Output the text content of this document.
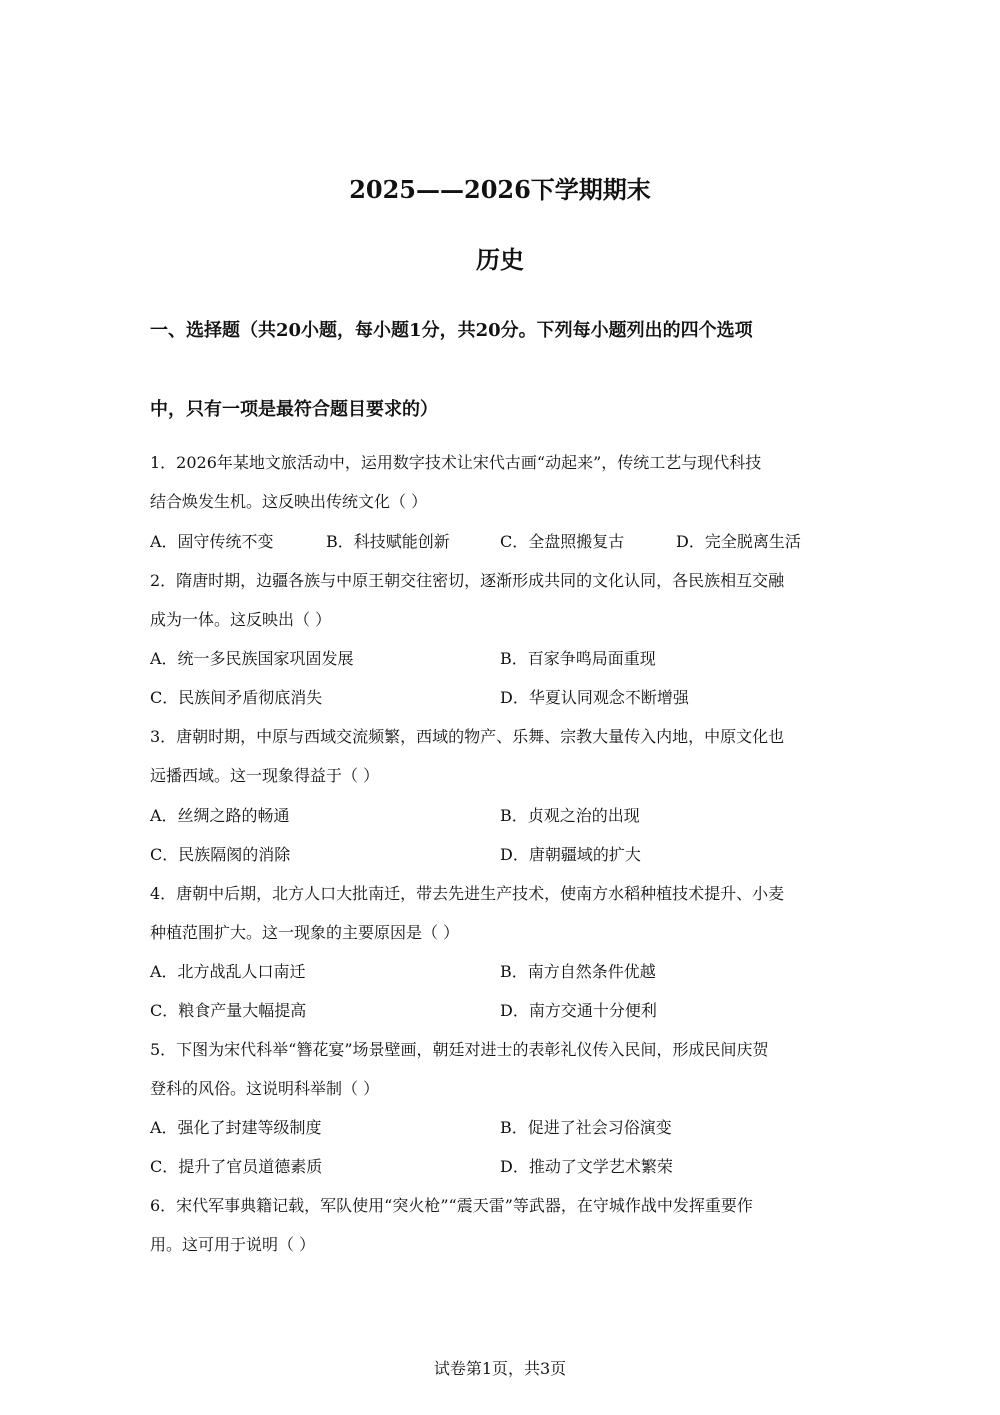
2025——2026下学期期末
历史
一、选择题（共20小题，每小题1分，共20分。下列每小题列出的四个选项
中，只有一项是最符合题目要求的）
1．2026年某地文旅活动中，运用数字技术让宋代古画“动起来”，传统工艺与现代科技
结合焕发生机。这反映出传统文化（ ）
A．固守传统不变	B．科技赋能创新	C．全盘照搬复古	D．完全脱离生活
2．隋唐时期，边疆各族与中原王朝交往密切，逐渐形成共同的文化认同，各民族相互交融
成为一体。这反映出（ ）
A．统一多民族国家巩固发展	B．百家争鸣局面重现
C．民族间矛盾彻底消失	D．华夏认同观念不断增强
3．唐朝时期，中原与西域交流频繁，西域的物产、乐舞、宗教大量传入内地，中原文化也
远播西域。这一现象得益于（ ）
A．丝绸之路的畅通	B．贞观之治的出现
C．民族隔阂的消除	D．唐朝疆域的扩大
4．唐朝中后期，北方人口大批南迁，带去先进生产技术，使南方水稻种植技术提升、小麦
种植范围扩大。这一现象的主要原因是（ ）
A．北方战乱人口南迁	B．南方自然条件优越
C．粮食产量大幅提高	D．南方交通十分便利
5．下图为宋代科举“簪花宴”场景壁画，朝廷对进士的表彰礼仪传入民间，形成民间庆贺
登科的风俗。这说明科举制（ ）
A．强化了封建等级制度	B．促进了社会习俗演变
C．提升了官员道德素质	D．推动了文学艺术繁荣
6．宋代军事典籍记载，军队使用“突火枪”“震天雷”等武器，在守城作战中发挥重要作
用。这可用于说明（ ）
试卷第1页，共3页
